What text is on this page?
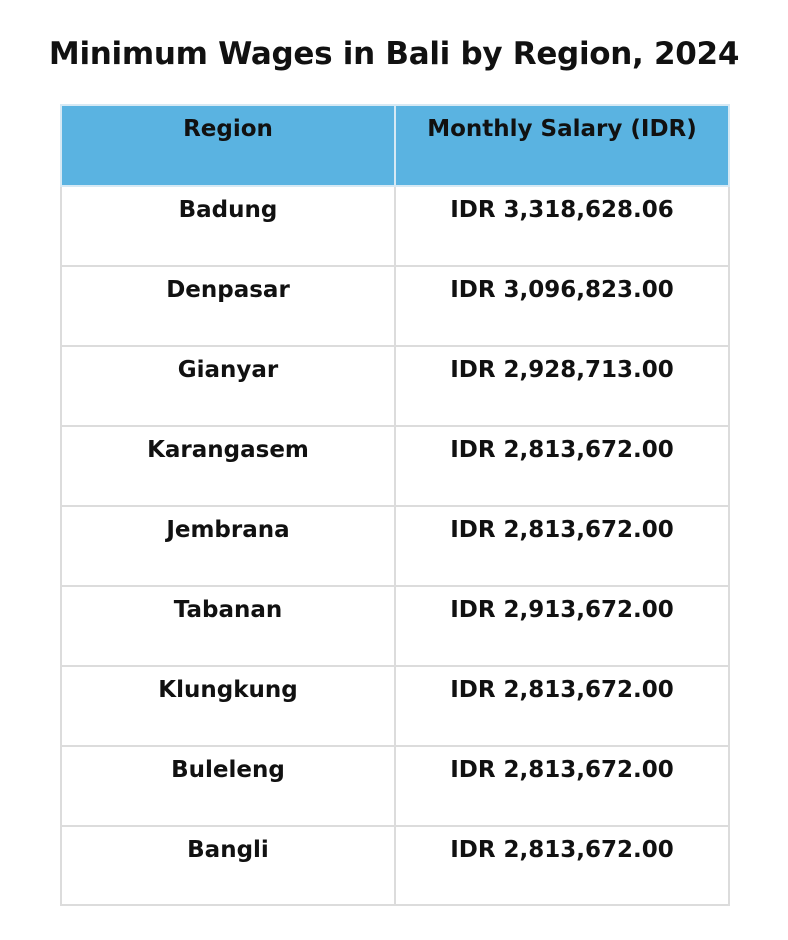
Minimum Wages in Bali by Region, 2024
Region	Monthly Salary (IDR)
Badung	IDR 3,318,628.06
Denpasar	IDR 3,096,823.00
Gianyar	IDR 2,928,713.00
Karangasem	IDR 2,813,672.00
Jembrana	IDR 2,813,672.00
Tabanan	IDR 2,913,672.00
Klungkung	IDR 2,813,672.00
Buleleng	IDR 2,813,672.00
Bangli	IDR 2,813,672.00
